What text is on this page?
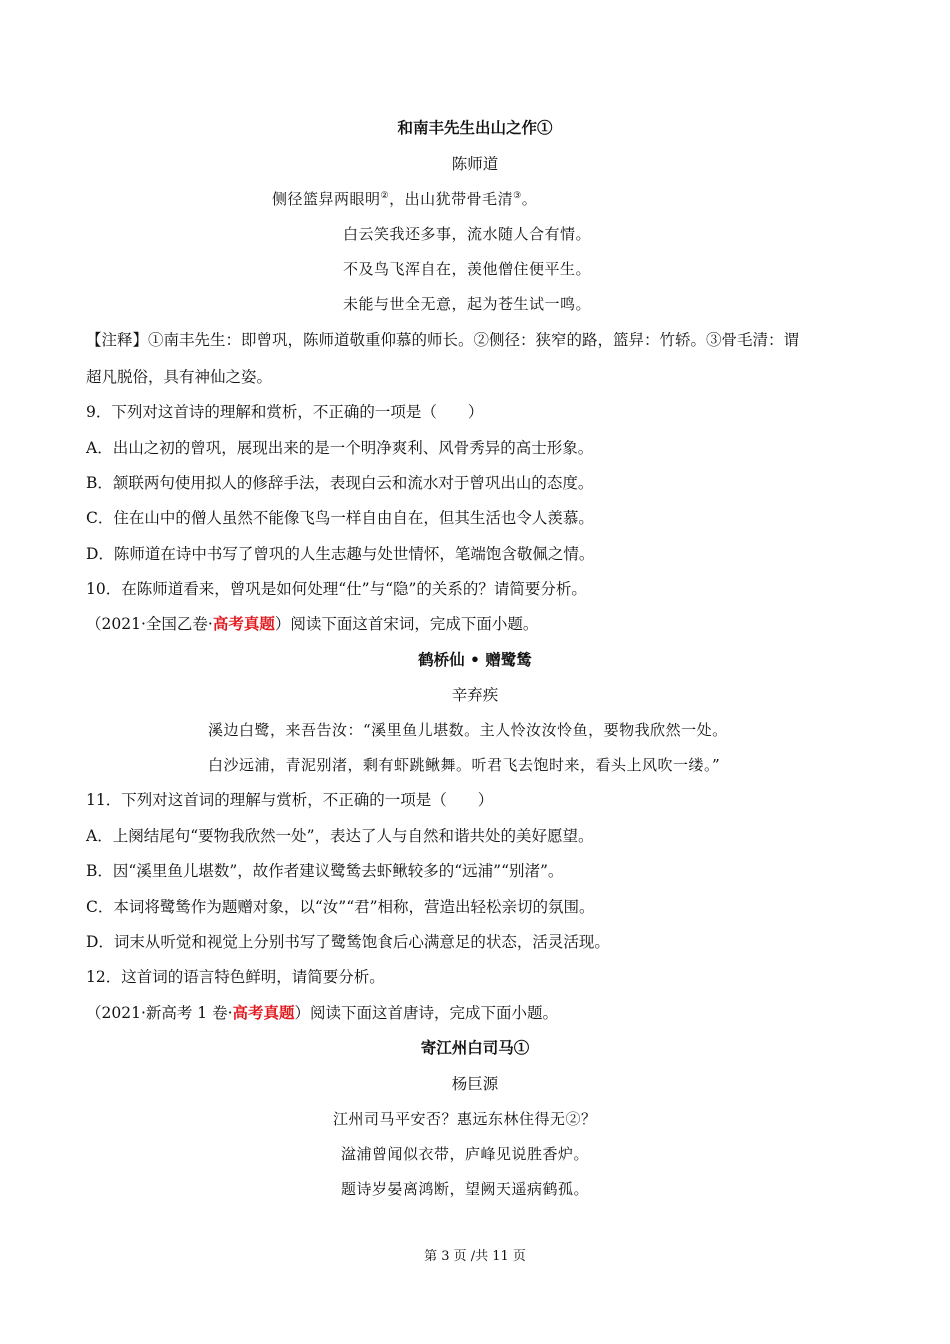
和南丰先生出山之作①
陈师道
侧径篮舁两眼明②，出山犹带骨毛清③。
白云笑我还多事，流水随人合有情。
不及鸟飞浑自在，羡他僧住便平生。
未能与世全无意，起为苍生试一鸣。
【注释】①南丰先生：即曾巩，陈师道敬重仰慕的师长。②侧径：狭窄的路，篮舁：竹轿。③骨毛清：谓
超凡脱俗，具有神仙之姿。
9．下列对这首诗的理解和赏析，不正确的一项是（　　）
A．出山之初的曾巩，展现出来的是一个明净爽利、风骨秀异的高士形象。
B．颔联两句使用拟人的修辞手法，表现白云和流水对于曾巩出山的态度。
C．住在山中的僧人虽然不能像飞鸟一样自由自在，但其生活也令人羡慕。
D．陈师道在诗中书写了曾巩的人生志趣与处世情怀，笔端饱含敬佩之情。
10．在陈师道看来，曾巩是如何处理“仕”与“隐”的关系的？请简要分析。
（2021·全国乙卷·高考真题）阅读下面这首宋词，完成下面小题。
鹤桥仙 • 赠鹭鸶
辛弃疾
溪边白鹭，来吾告汝：“溪里鱼儿堪数。主人怜汝汝怜鱼，要物我欣然一处。
白沙远浦，青泥别渚，剩有虾跳鳅舞。听君飞去饱时来，看头上风吹一缕。”
11．下列对这首词的理解与赏析，不正确的一项是（　　）
A．上阕结尾句“要物我欣然一处”，表达了人与自然和谐共处的美好愿望。
B．因“溪里鱼儿堪数”，故作者建议鹭鸶去虾鳅较多的“远浦”“别渚”。
C．本词将鹭鸶作为题赠对象，以“汝”“君”相称，营造出轻松亲切的氛围。
D．词末从听觉和视觉上分别书写了鹭鸶饱食后心满意足的状态，活灵活现。
12．这首词的语言特色鲜明，请简要分析。
（2021·新高考 1 卷·高考真题）阅读下面这首唐诗，完成下面小题。
寄江州白司马①
杨巨源
江州司马平安否？惠远东林住得无②？
湓浦曾闻似衣带，庐峰见说胜香炉。
题诗岁晏离鸿断，望阙天遥病鹤孤。
第 3 页 /共 11 页
